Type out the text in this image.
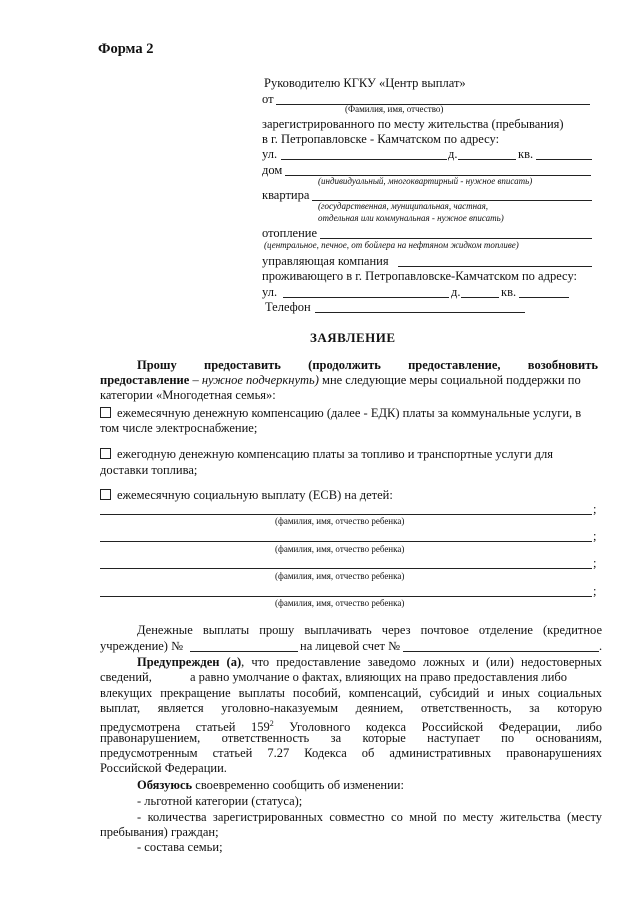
Форма 2
Руководителю КГКУ «Центр выплат»
от
(Фамилия, имя, отчество)
зарегистрированного по месту жительства (пребывания)
в г. Петропавловске - Камчатском по адресу:
ул.	д.	кв.
дом
(индивидуальный, многоквартирный - нужное вписать)
квартира
(государственная, муниципальная, частная,
отдельная или коммунальная - нужное вписать)
отопление
(центральное, печное, от бойлера на нефтяном жидком топливе)
управляющая компания
проживающего в г. Петропавловске-Камчатском по адресу:
ул.	д.	кв.
Телефон
ЗАЯВЛЕНИЕ
Прошу предоставить (продолжить предоставление, возобновить
предоставление – нужное подчеркнуть) мне следующие меры социальной поддержки по
категории «Многодетная семья»:
ежемесячную денежную компенсацию (далее - ЕДК) платы за коммунальные услуги, в
том числе электроснабжение;
ежегодную денежную компенсацию платы за топливо и транспортные услуги для
доставки топлива;
ежемесячную социальную выплату (ЕСВ) на детей:
;
(фамилия, имя, отчество ребенка)
;
(фамилия, имя, отчество ребенка)
;
(фамилия, имя, отчество ребенка)
;
(фамилия, имя, отчество ребенка)
Денежные выплаты прошу выплачивать через почтовое отделение (кредитное
учреждение) №	на лицевой счет №	.
Предупрежден (а), что предоставление заведомо ложных и (или) недостоверных
сведений,	а равно умолчание о фактах, влияющих на право предоставления либо
влекущих прекращение выплаты пособий, компенсаций, субсидий и иных социальных
выплат, является уголовно-наказуемым деянием, ответственность, за которую
предусмотрена статьей $159^2$ Уголовного кодекса Российской Федерации, либо
правонарушением, ответственность за которые наступает по основаниям,
предусмотренным статьей 7.27 Кодекса об административных правонарушениях
Российской Федерации.
Обязуюсь своевременно сообщить об изменении:
- льготной категории (статуса);
- количества зарегистрированных совместно со мной по месту жительства (месту
пребывания) граждан;
- состава семьи;
